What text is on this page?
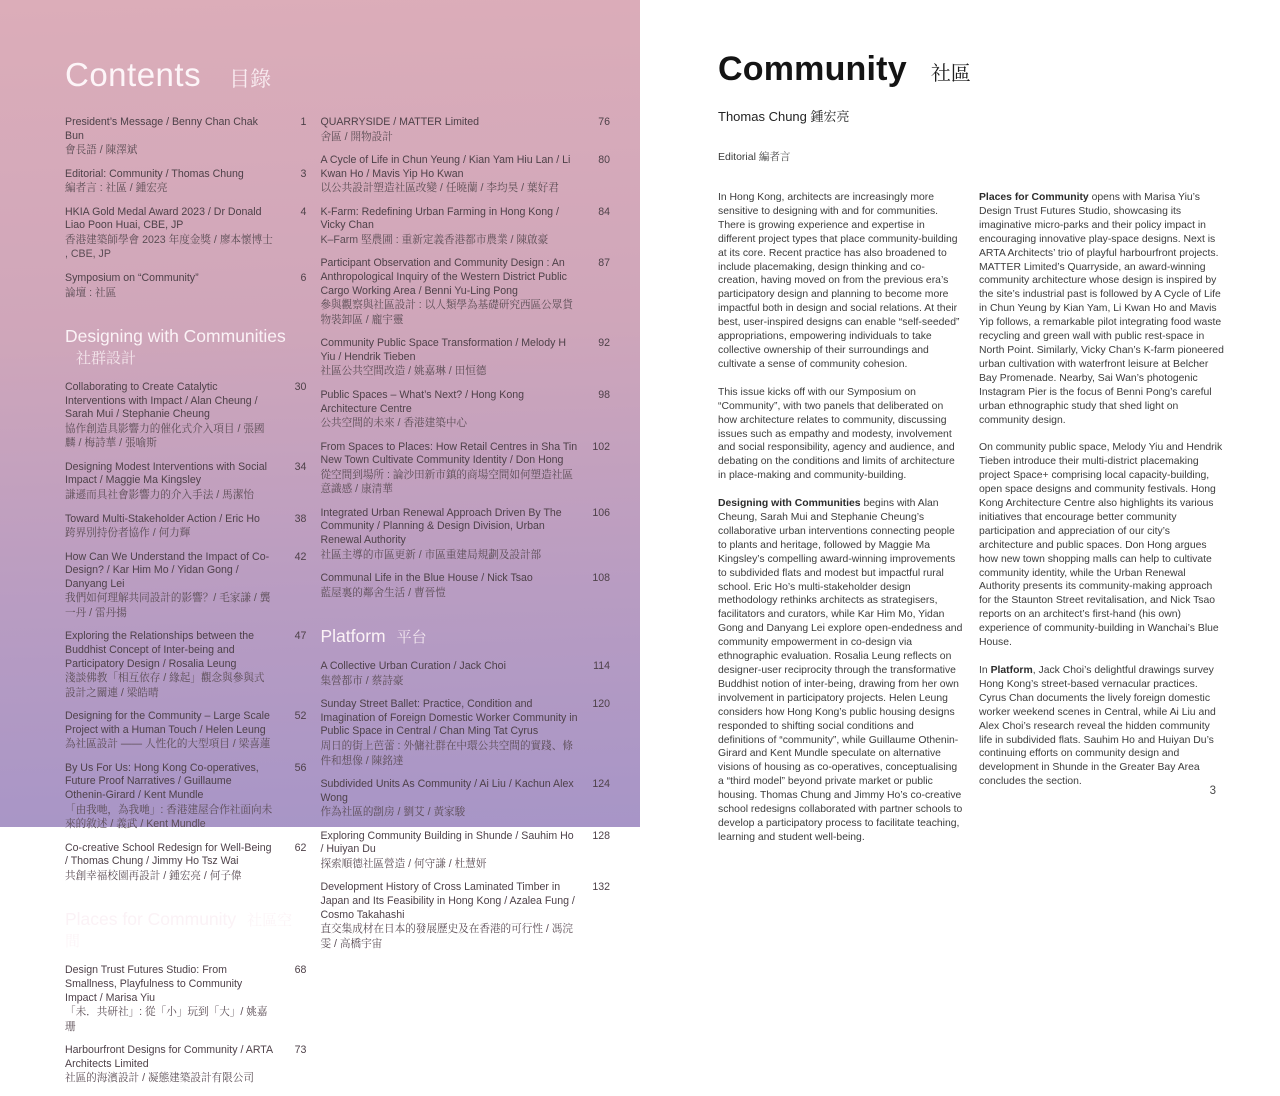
Contents 目錄
President’s Message / Benny Chan Chak Bun
會長語 / 陳澤斌
1
Editorial: Community / Thomas Chung
編者言 : 社區 / 鍾宏亮
3
HKIA Gold Medal Award 2023 / Dr Donald Liao Poon Huai, CBE, JP
香港建築師學會 2023 年度金獎 / 廖本懷博士 , CBE, JP
4
Symposium on “Community”
論壇 : 社區
6
Designing with Communities社群設計
Collaborating to Create Catalytic Interventions with Impact / Alan Cheung / Sarah Mui / Stephanie Cheung
協作創造具影響力的催化式介入項目 / 張國麟 / 梅詩華 / 張喻斯
30
Designing Modest Interventions with Social Impact / Maggie Ma Kingsley
謙遜而具社會影響力的介入手法 / 馬潔怡
34
Toward Multi-Stakeholder Action / Eric Ho
跨界別持份者協作 / 何力輝
38
How Can We Understand the Impact of Co-Design? / Kar Him Mo / Yidan Gong / Danyang Lei
我們如何理解共同設計的影響？/ 毛家謙 / 龔一丹 / 雷丹揚
42
Exploring the Relationships between the Buddhist Concept of Inter-being and Participatory Design / Rosalia Leung
淺談佛教「相互依存 / 緣起」觀念與參與式設計之關連 / 梁皓晴
47
Designing for the Community – Large Scale Project with a Human Touch / Helen Leung
為社區設計 —— 人性化的大型項目 / 梁喜蓮
52
By Us For Us: Hong Kong Co-operatives, Future Proof Narratives / Guillaume Othenin-Girard / Kent Mundle
「由我哋，為我哋」: 香港建屋合作社面向未來的敘述 / 義武 / Kent Mundle
56
Co-creative School Redesign for Well-Being / Thomas Chung / Jimmy Ho Tsz Wai
共創幸福校園再設計 / 鍾宏亮 / 何子偉
62
Places for Community 社區空間
Design Trust Futures Studio: From Smallness, Playfulness to Community Impact / Marisa Yiu
「未．共研社」: 從「小」玩到「大」/ 姚嘉珊
68
Harbourfront Designs for Community / ARTA Architects Limited
社區的海濱設計 / 凝態建築設計有限公司
73
QUARRYSIDE / MATTER Limited
舍區 / 開物設計
76
A Cycle of Life in Chun Yeung / Kian Yam Hiu Lan / Li Kwan Ho / Mavis Yip Ho Kwan
以公共設計塑造社區改變 / 任曉蘭 / 李均昊 / 葉好君
80
K-Farm: Redefining Urban Farming in Hong Kong / Vicky Chan
K–Farm 堅農圃 : 重新定義香港都市農業 / 陳啟豪
84
Participant Observation and Community Design : An Anthropological Inquiry of the Western District Public Cargo Working Area / Benni Yu-Ling Pong
參與觀察與社區設計 : 以人類學為基礎研究西區公眾貨物裝卸區 / 龐宇靈
87
Community Public Space Transformation / Melody H Yiu / Hendrik Tieben
社區公共空間改造 / 姚嘉琳 / 田恒德
92
Public Spaces – What’s Next? / Hong Kong Architecture Centre
公共空間的未來 / 香港建築中心
98
From Spaces to Places: How Retail Centres in Sha Tin New Town Cultivate Community Identity / Don Hong
從空間到場所 : 論沙田新市鎮的商場空間如何塑造社區意識感 / 康清華
102
Integrated Urban Renewal Approach Driven By The Community / Planning & Design Division, Urban Renewal Authority
社區主導的市區更新 / 市區重建局規劃及設計部
106
Communal Life in the Blue House / Nick Tsao
藍屋裏的鄰舍生活 / 曹晉愷
108
Platform 平台
A Collective Urban Curation / Jack Choi
集營都市 / 蔡詩豪
114
Sunday Street Ballet: Practice, Condition and Imagination of Foreign Domestic Worker Community in Public Space in Central / Chan Ming Tat Cyrus
周日的街上芭蕾 : 外傭社群在中環公共空間的實踐、條件和想像 / 陳銘達
120
Subdivided Units As Community / Ai Liu / Kachun Alex Wong
作為社區的劏房 / 劉艾 / 黃家駿
124
Exploring Community Building in Shunde / Sauhim Ho / Huiyan Du
探索順德社區營造 / 何守謙 / 杜慧妍
128
Development History of Cross Laminated Timber in Japan and Its Feasibility in Hong Kong / Azalea Fung / Cosmo Takahashi
直交集成材在日本的發展歷史及在香港的可行性 / 馮浣雯 / 高橋宇宙
132
Community 社區
Thomas Chung 鍾宏亮
Editorial 編者言

In Hong Kong, architects are increasingly more sensitive to designing with and for communities. There is growing experience and expertise in different project types that place community-building at its core. Recent practice has also broadened to include placemaking, design thinking and co-creation, having moved on from the previous era’s participatory design and planning to become more impactful both in design and social relations. At their best, user-inspired designs can enable “self-seeded” appropriations, empowering individuals to take collective ownership of their surroundings and cultivate a sense of community cohesion.

This issue kicks off with our Symposium on “Community”, with two panels that deliberated on how architecture relates to community, discussing issues such as empathy and modesty, involvement and social responsibility, agency and audience, and debating on the conditions and limits of architecture in place-making and community-building.

Designing with Communities begins with Alan Cheung, Sarah Mui and Stephanie Cheung’s collaborative urban interventions connecting people to plants and heritage, followed by Maggie Ma Kingsley’s compelling award-winning improvements to subdivided flats and modest but impactful rural school. Eric Ho’s multi-stakeholder design methodology rethinks architects as strategisers, facilitators and curators, while Kar Him Mo, Yidan Gong and Danyang Lei explore open-endedness and community empowerment in co-design via ethnographic evaluation. Rosalia Leung reflects on designer-user reciprocity through the transformative Buddhist notion of inter-being, drawing from her own involvement in participatory projects. Helen Leung considers how Hong Kong’s public housing designs responded to shifting social conditions and definitions of “community”, while Guillaume Othenin-Girard and Kent Mundle speculate on alternative visions of housing as co-operatives, conceptualising a “third model” beyond private market or public housing. Thomas Chung and Jimmy Ho’s co-creative school redesigns collaborated with partner schools to develop a participatory process to facilitate teaching, learning and student well-being.

Places for Community opens with Marisa Yiu’s Design Trust Futures Studio, showcasing its imaginative micro-parks and their policy impact in encouraging innovative play-space designs. Next is ARTA Architects’ trio of playful harbourfront projects. MATTER Limited’s Quarryside, an award-winning community architecture whose design is inspired by the site’s industrial past is followed by A Cycle of Life in Chun Yeung by Kian Yam, Li Kwan Ho and Mavis Yip follows, a remarkable pilot integrating food waste recycling and green wall with public rest-space in North Point. Similarly, Vicky Chan’s K-farm pioneered urban cultivation with waterfront leisure at Belcher Bay Promenade. Nearby, Sai Wan’s photogenic Instagram Pier is the focus of Benni Pong’s careful urban ethnographic study that shed light on community design.

On community public space, Melody Yiu and Hendrik Tieben introduce their multi-district placemaking project Space+ comprising local capacity-building, open space designs and community festivals. Hong Kong Architecture Centre also highlights its various initiatives that encourage better community participation and appreciation of our city’s architecture and public spaces. Don Hong argues how new town shopping malls can help to cultivate community identity, while the Urban Renewal Authority presents its community-making approach for the Staunton Street revitalisation, and Nick Tsao reports on an architect’s first-hand (his own) experience of community-building in Wanchai’s Blue House.

In Platform, Jack Choi’s delightful drawings survey Hong Kong’s street-based vernacular practices. Cyrus Chan documents the lively foreign domestic worker weekend scenes in Central, while Ai Liu and Alex Choi’s research reveal the hidden community life in subdivided flats. Sauhim Ho and Huiyan Du’s continuing efforts on community design and development in Shunde in the Greater Bay Area concludes the section.

3
